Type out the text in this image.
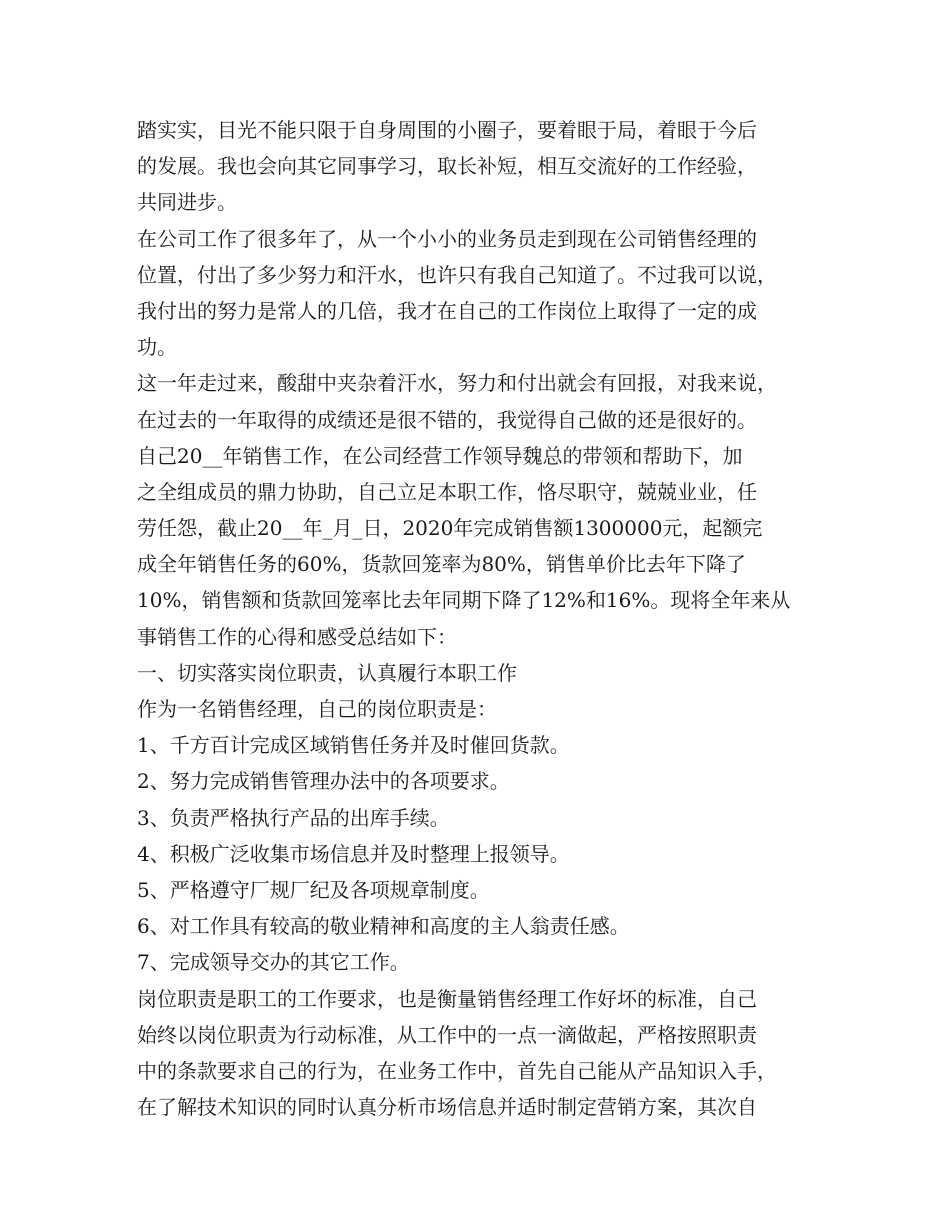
踏实实，目光不能只限于自身周围的小圈子，要着眼于局，着眼于今后
的发展。我也会向其它同事学习，取长补短，相互交流好的工作经验，
共同进步。
在公司工作了很多年了，从一个小小的业务员走到现在公司销售经理的
位置，付出了多少努力和汗水，也许只有我自己知道了。不过我可以说，
我付出的努力是常人的几倍，我才在自己的工作岗位上取得了一定的成
功。
这一年走过来，酸甜中夹杂着汗水，努力和付出就会有回报，对我来说，
在过去的一年取得的成绩还是很不错的，我觉得自己做的还是很好的。
自己20__年销售工作，在公司经营工作领导魏总的带领和帮助下，加
之全组成员的鼎力协助，自己立足本职工作，恪尽职守，兢兢业业，任
劳任怨，截止20__年_月_日，2020年完成销售额1300000元，起额完
成全年销售任务的60%，货款回笼率为80%，销售单价比去年下降了
10%，销售额和货款回笼率比去年同期下降了12%和16%。现将全年来从
事销售工作的心得和感受总结如下：
一、切实落实岗位职责，认真履行本职工作
作为一名销售经理，自己的岗位职责是：
1、千方百计完成区域销售任务并及时催回货款。
2、努力完成销售管理办法中的各项要求。
3、负责严格执行产品的出库手续。
4、积极广泛收集市场信息并及时整理上报领导。
5、严格遵守厂规厂纪及各项规章制度。
6、对工作具有较高的敬业精神和高度的主人翁责任感。
7、完成领导交办的其它工作。
岗位职责是职工的工作要求，也是衡量销售经理工作好坏的标准，自己
始终以岗位职责为行动标准，从工作中的一点一滴做起，严格按照职责
中的条款要求自己的行为，在业务工作中，首先自己能从产品知识入手，
在了解技术知识的同时认真分析市场信息并适时制定营销方案，其次自
